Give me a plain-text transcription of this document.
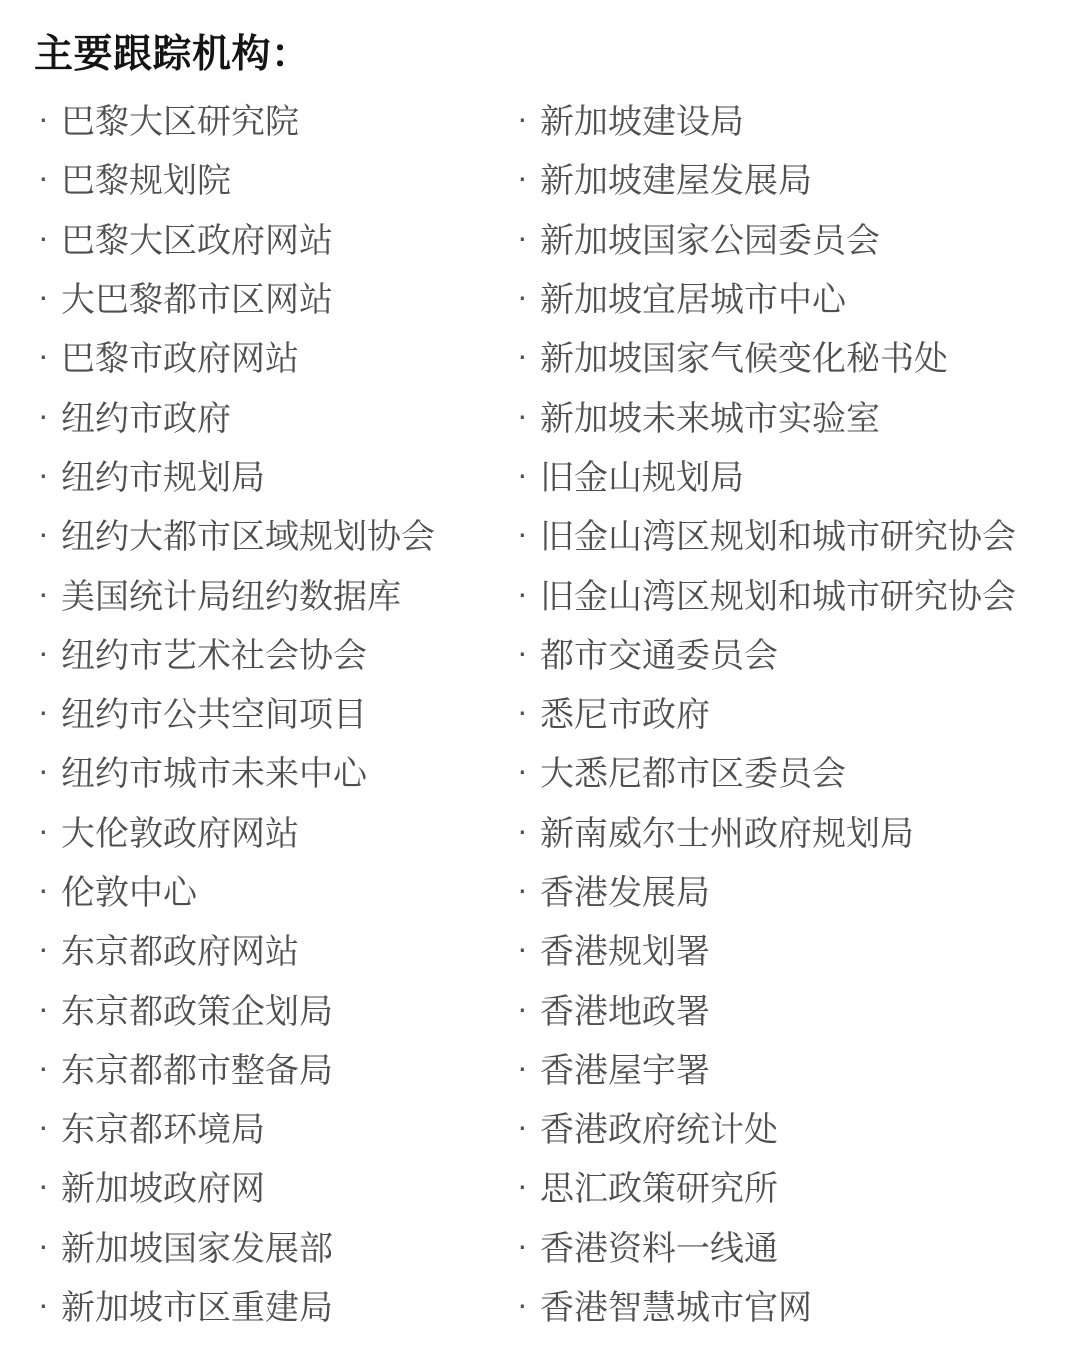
主要跟踪机构：
· 巴黎大区研究院
· 巴黎规划院
· 巴黎大区政府网站
· 大巴黎都市区网站
· 巴黎市政府网站
· 纽约市政府
· 纽约市规划局
· 纽约大都市区域规划协会
· 美国统计局纽约数据库
· 纽约市艺术社会协会
· 纽约市公共空间项目
· 纽约市城市未来中心
· 大伦敦政府网站
· 伦敦中心
· 东京都政府网站
· 东京都政策企划局
· 东京都都市整备局
· 东京都环境局
· 新加坡政府网
· 新加坡国家发展部
· 新加坡市区重建局
· 新加坡建设局
· 新加坡建屋发展局
· 新加坡国家公园委员会
· 新加坡宜居城市中心
· 新加坡国家气候变化秘书处
· 新加坡未来城市实验室
· 旧金山规划局
· 旧金山湾区规划和城市研究协会
· 旧金山湾区规划和城市研究协会
· 都市交通委员会
· 悉尼市政府
· 大悉尼都市区委员会
· 新南威尔士州政府规划局
· 香港发展局
· 香港规划署
· 香港地政署
· 香港屋宇署
· 香港政府统计处
· 思汇政策研究所
· 香港资料一线通
· 香港智慧城市官网
